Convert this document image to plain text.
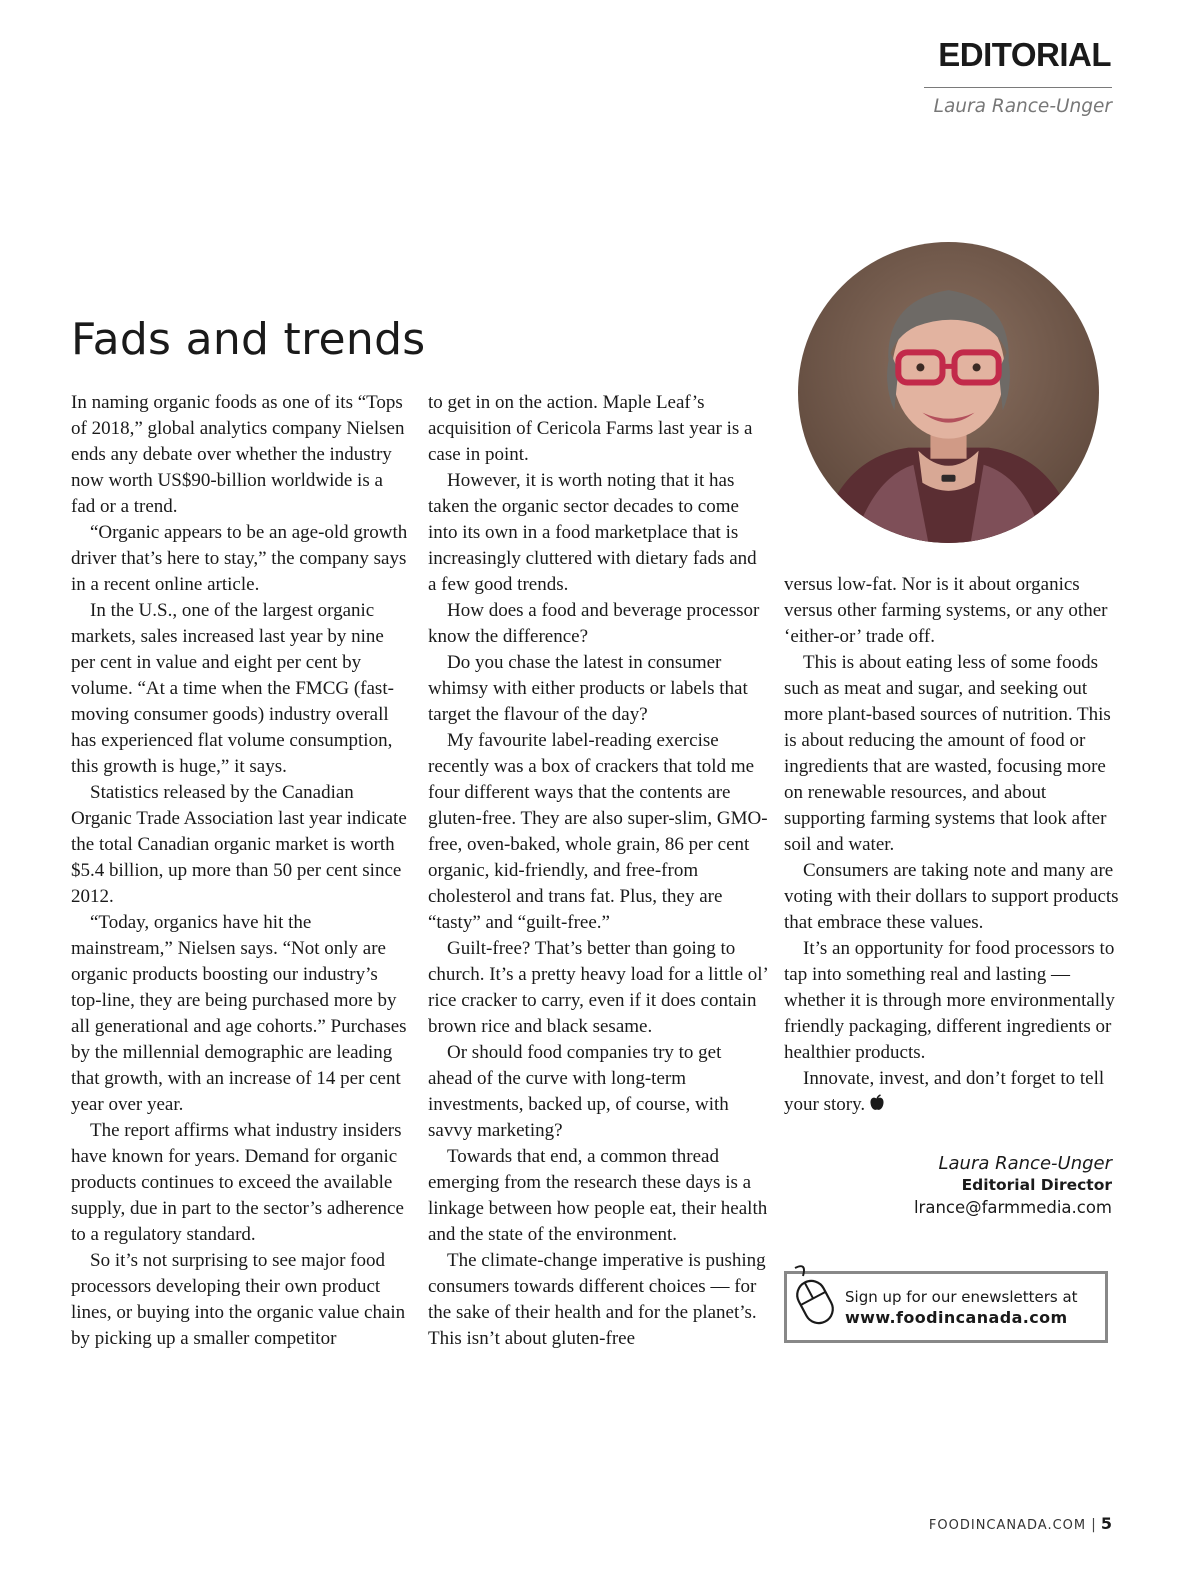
EDITORIAL
Laura Rance-Unger
Fads and trends

In naming organic foods as one of its “Tops of 2018,” global analytics company Nielsen ends any debate over whether the industry now worth US$90-billion worldwide is a fad or a trend.

“Organic appears to be an age-old growth driver that’s here to stay,” the company says in a recent online article.

In the U.S., one of the largest organic markets, sales increased last year by nine per cent in value and eight per cent by volume. “At a time when the FMCG (fast-moving consumer goods) industry overall has experienced flat volume consumption, this growth is huge,” it says.

Statistics released by the Canadian Organic Trade Association last year indicate the total Canadian organic market is worth $5.4 billion, up more than 50 per cent since 2012.

“Today, organics have hit the mainstream,” Nielsen says. “Not only are organic products boosting our industry’s top-line, they are being purchased more by all generational and age cohorts.” Purchases by the millennial demographic are leading that growth, with an increase of 14 per cent year over year.

The report affirms what industry insiders have known for years. Demand for organic products continues to exceed the available supply, due in part to the sector’s adherence to a regulatory standard.

So it’s not surprising to see major food processors developing their own product lines, or buying into the organic value chain by picking up a smaller competitor

to get in on the action. Maple Leaf’s acquisition of Cericola Farms last year is a case in point.

However, it is worth noting that it has taken the organic sector decades to come into its own in a food marketplace that is increasingly cluttered with dietary fads and a few good trends.

How does a food and beverage processor know the difference?

Do you chase the latest in consumer whimsy with either products or labels that target the flavour of the day?

My favourite label-reading exercise recently was a box of crackers that told me four different ways that the contents are gluten-free. They are also super-slim, GMO-free, oven-baked, whole grain, 86 per cent organic, kid-friendly, and free-from cholesterol and trans fat. Plus, they are “tasty” and “guilt-free.”

Guilt-free? That’s better than going to church. It’s a pretty heavy load for a little ol’ rice cracker to carry, even if it does contain brown rice and black sesame.

Or should food companies try to get ahead of the curve with long-term investments, backed up, of course, with savvy marketing?

Towards that end, a common thread emerging from the research these days is a linkage between how people eat, their health and the state of the environment.

The climate-change imperative is pushing consumers towards different choices — for the sake of their health and for the planet’s. This isn’t about gluten-free

versus low-fat. Nor is it about organics versus other farming systems, or any other ‘either-or’ trade off.

This is about eating less of some foods such as meat and sugar, and seeking out more plant-based sources of nutrition. This is about reducing the amount of food or ingredients that are wasted, focusing more on renewable resources, and about supporting farming systems that look after soil and water.

Consumers are taking note and many are voting with their dollars to support products that embrace these values.

It’s an opportunity for food processors to tap into something real and lasting — whether it is through more environmentally friendly packaging, different ingredients or healthier products.

Innovate, invest, and don’t forget to tell your story.

Laura Rance-Unger
Editorial Director
lrance@farmmedia.com
Sign up for our enewsletters at
www.foodincanada.com
FOODINCANADA.COM | 5
